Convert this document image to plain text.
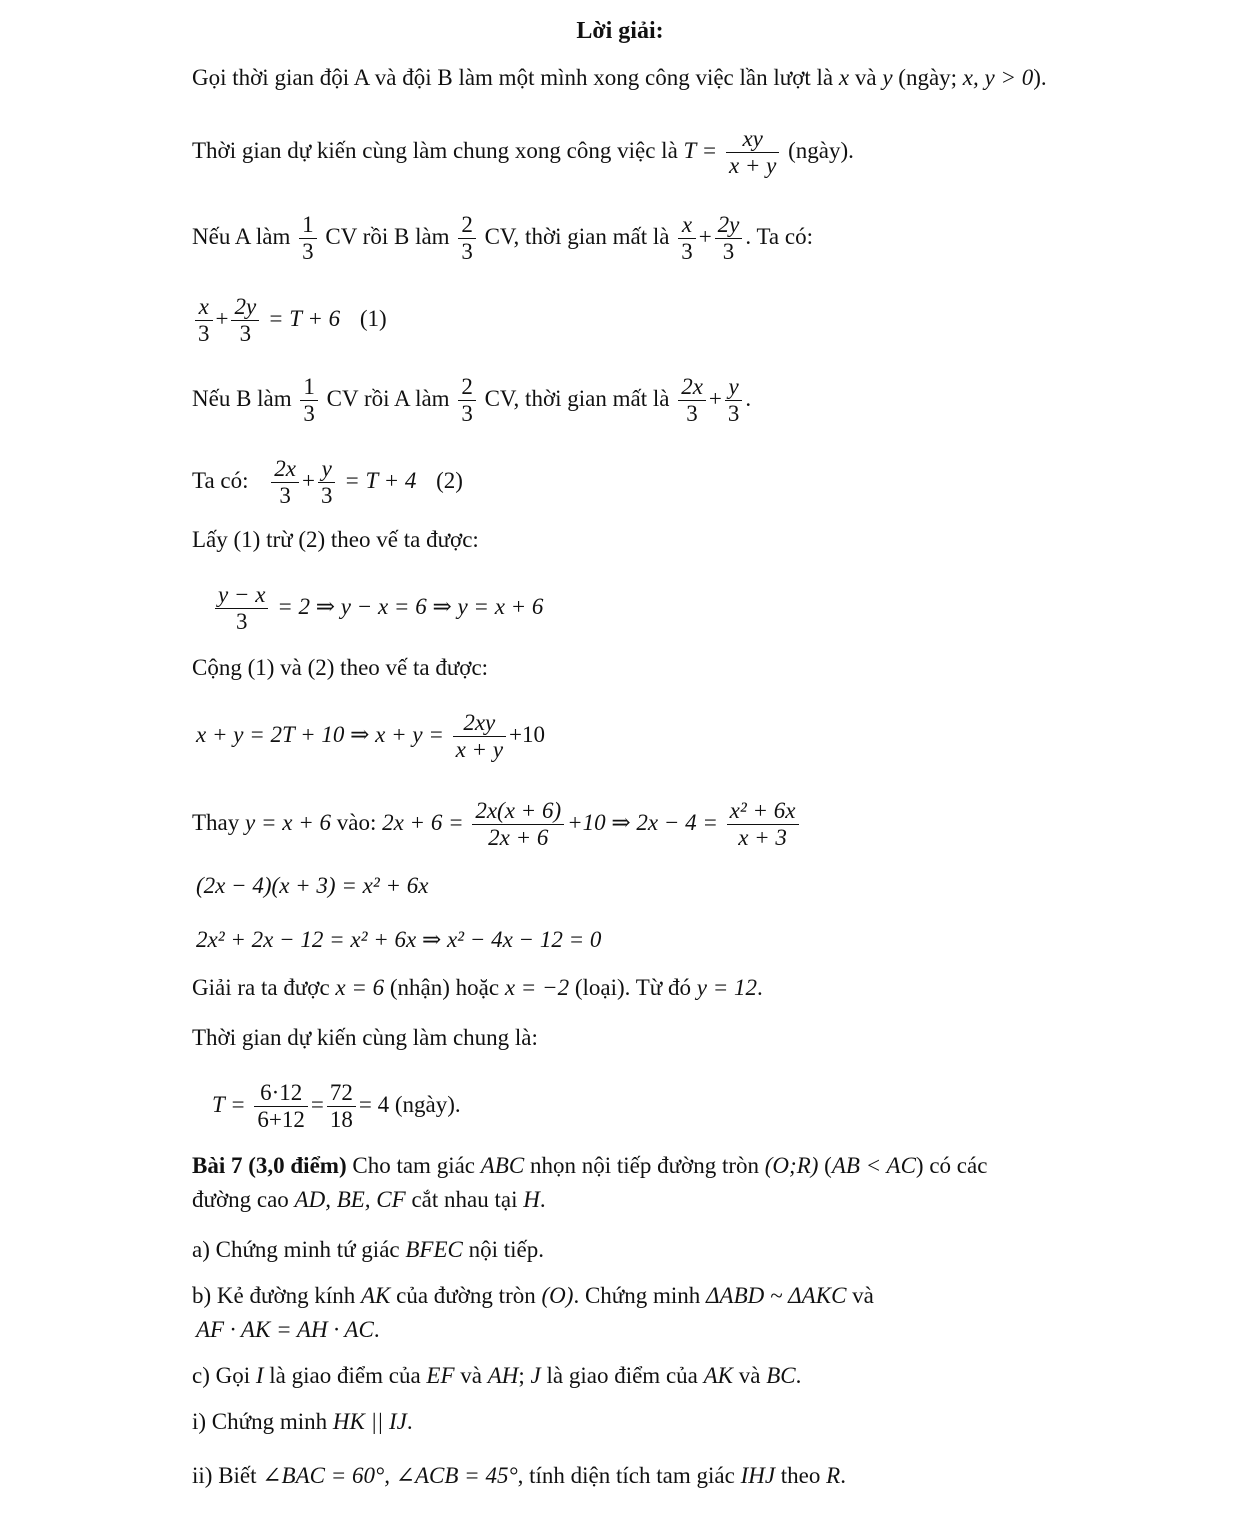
Lời giải:
Gọi thời gian đội A và đội B làm một mình xong công việc lần lượt là x và y (ngày; x, y > 0).
Thời gian dự kiến cùng làm chung xong công việc là $T = \frac{xy}{x + y}$ (ngày).
Nếu A làm $\frac{1}{3}$ CV rồi B làm $\frac{2}{3}$ CV, thời gian mất là $\frac{x}{3} + \frac{2y}{3}$ . Ta có:
$\frac{x}{3} + \frac{2y}{3} = T + 6$ (1)
Nếu B làm $\frac{1}{3}$ CV rồi A làm $\frac{2}{3}$ CV, thời gian mất là $\frac{2x}{3} + \frac{y}{3}$ .
Ta có: $\frac{2x}{3} + \frac{y}{3} = T + 4$ (2)
Lấy (1) trừ (2) theo vế ta được:
$\frac{y - x}{3} = 2$ ⇒ y − x = 6 ⇒ y = x + 6
Cộng (1) và (2) theo vế ta được:
x + y = 2T + 10 ⇒ $x + y = \frac{2xy}{x + y} +10$
Thay y = x + 6 vào: $2x + 6 = \frac{2x(x + 6)}{2x + 6} +10$ ⇒ $2x - 4 = \frac{\text{x² + 6x}}{x + 3}$
(2x − 4)(x + 3) = x² + 6x
2x² + 2x − 12 = x² + 6x ⇒ x² − 4x − 12 = 0
Giải ra ta được x = 6 (nhận) hoặc x = −2 (loại). Từ đó y = 12.
Thời gian dự kiến cùng làm chung là:
$T = \frac{6\cdot 12}{6+12} = \frac{72}{18} = 4$ (ngày).
Bài 7 (3,0 điểm) Cho tam giác ABC nhọn nội tiếp đường tròn (O;R) (AB < AC) có các
đường cao AD, BE, CF cắt nhau tại H.
a) Chứng minh tứ giác BFEC nội tiếp.
b) Kẻ đường kính AK của đường tròn (O). Chứng minh ΔABD ~ ΔAKC và
AF · AK = AH · AC.
c) Gọi I là giao điểm của EF và AH; J là giao điểm của AK và BC.
i) Chứng minh HK || IJ.
ii) Biết ∠BAC = 60°, ∠ACB = 45°, tính diện tích tam giác IHJ theo R.
